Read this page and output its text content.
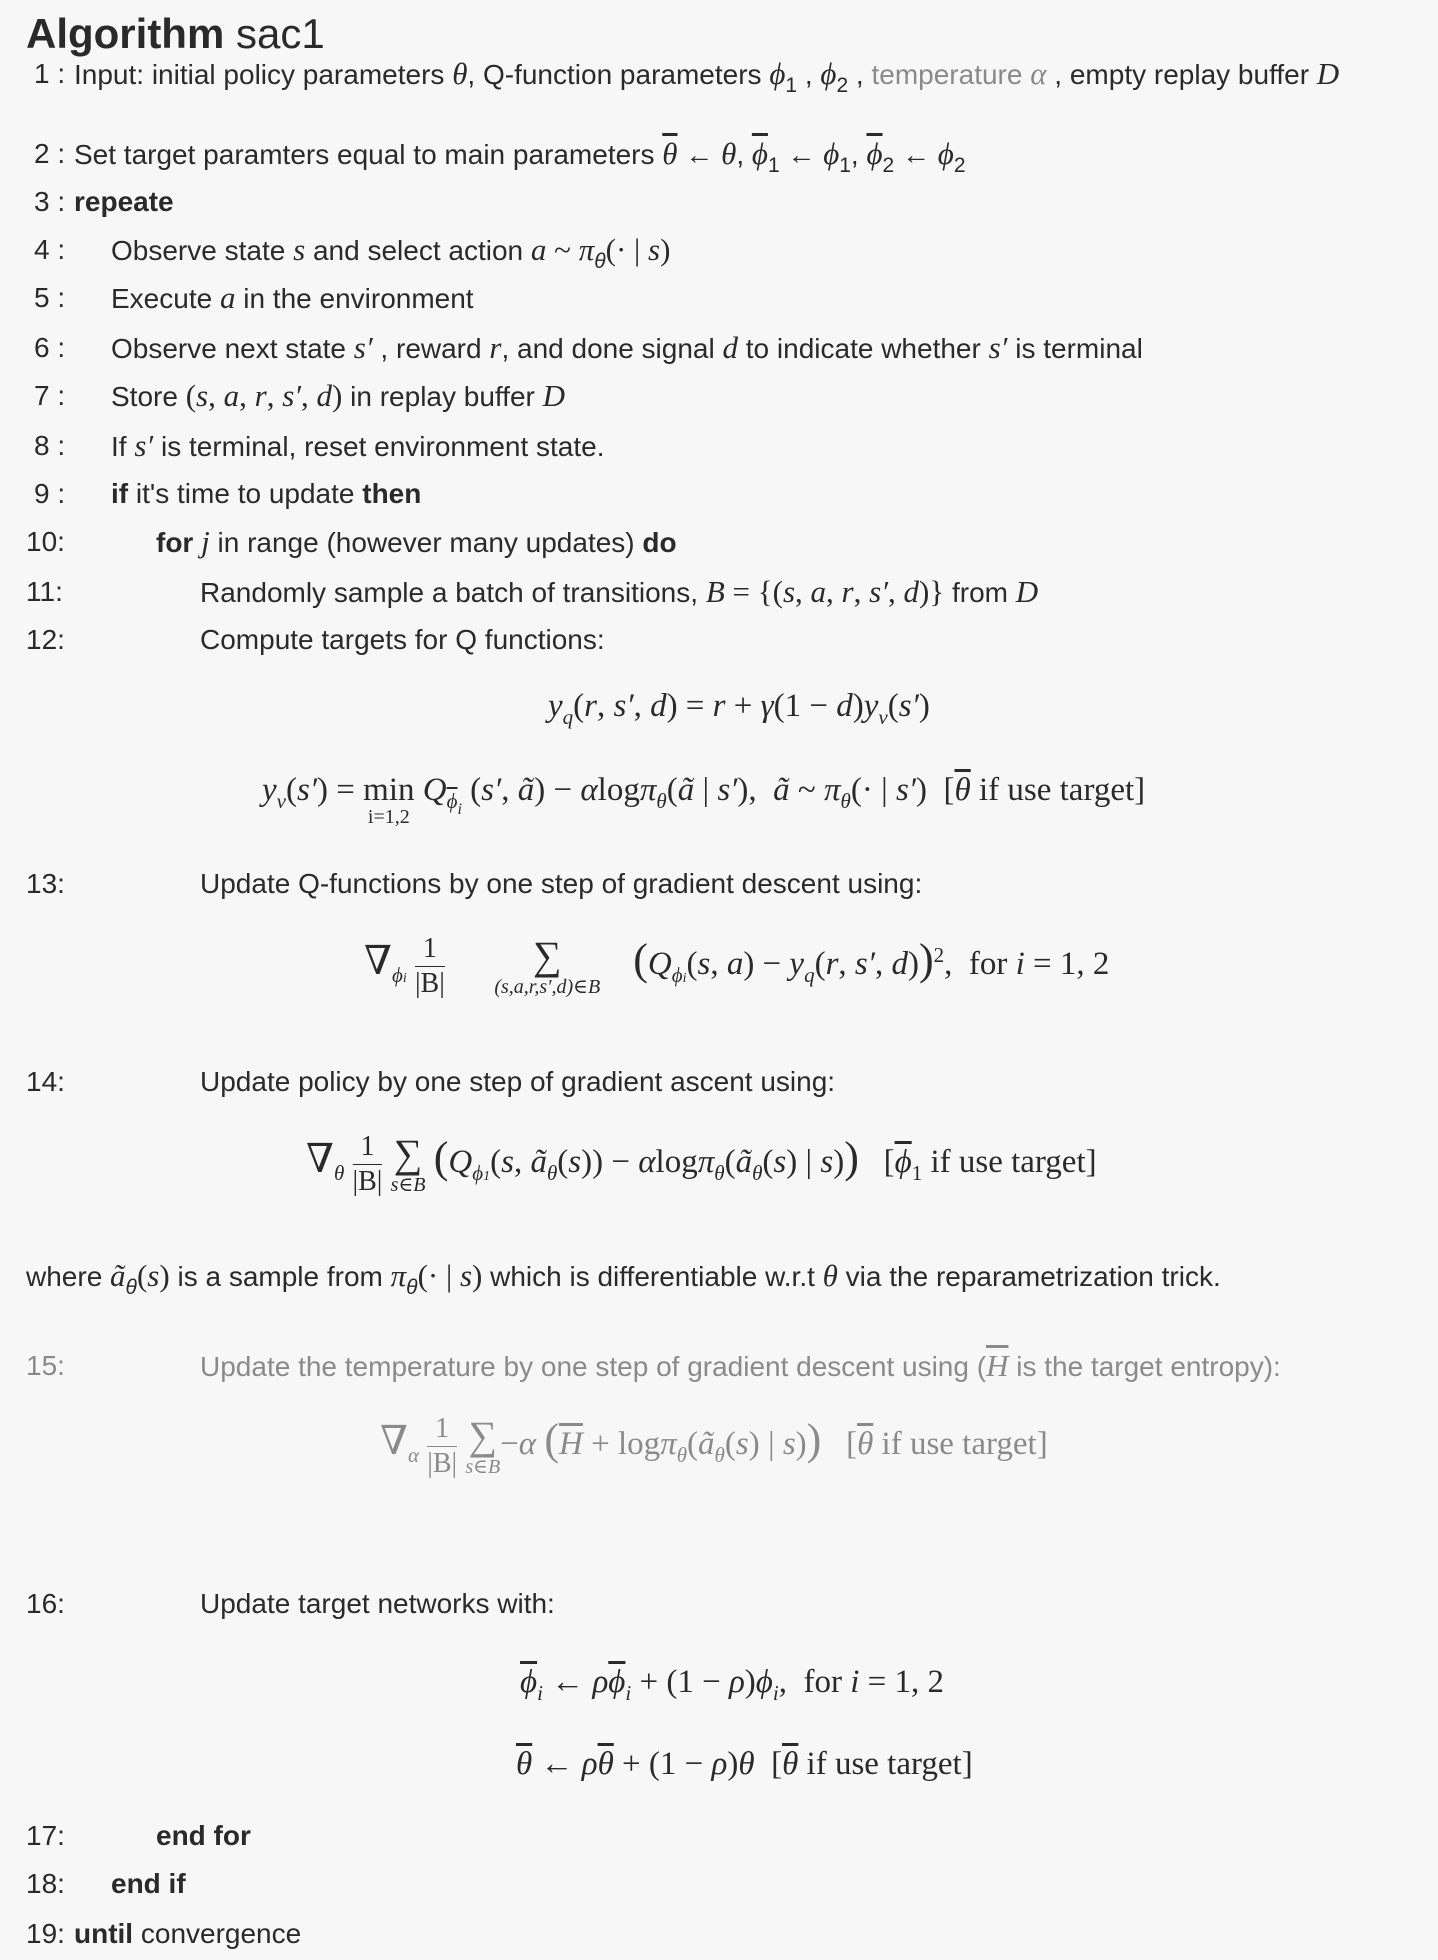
Algorithm sac1
1 : Input: initial policy parameters θ, Q-function parameters $\phi_1$ , $\phi_2$ , temperature α , empty replay buffer D
2 : Set target paramters equal to main parameters $\overline{\theta}$ ← θ, $\overline{\phi}_1$ ← $\phi_1$, $\overline{\phi}_2$ ← $\phi_2$
3 : repeate
4 : Observe state s and select action a ~ $\pi_\theta(\cdot$ | s)
5 : Execute a in the environment
6 : Observe next state s′ , reward r, and done signal d to indicate whether s′ is terminal
7 : Store (s, a, r, s′, d) in replay buffer D
8 : If s′ is terminal, reset environment state.
9 : if it's time to update then
10:	for j in range (however many updates) do
11:	Randomly sample a batch of transitions, B = {(s, a, r, s′, d)} from D
12:	Compute targets for Q functions:
$y_q(r$, s′, $d) = r + \gamma(1 - d)y_v(s')$
$y_v(s') = \min$
i=1,2
$Q_{\overline{\phi}i}$ (s′, ã) − αlogπ$_\theta$(ã | s′),  ã ~ $\pi_\theta(\cdot$ | s′)  [$\overline{\theta}$ if use target]
13:	Update Q-functions by one step of gradient descent using:
$\nabla_{\phi i} \frac{1}{|B|}$
	∑
(s,a,r,s′,d)∈B
($Q_{\phi i}(s$, $a) - y_q(r$, s′, d))$^2$,  for i = 1, 2
14:	Update policy by one step of gradient ascent using:
$\nabla_\theta \frac{1}{|B|}$
∑
s∈B
($Q_{\phi 1}(s$, $ã_\theta(s)$) − $\alpha\log\pi_\theta(ã_\theta(s)$ | s))   [$\overline{\phi}_1$ if use target]
where $ã_\theta(s)$ is a sample from $\pi_\theta(\cdot$ | s) which is differentiable w.r.t θ via the reparametrization trick.
15:	Update the temperature by one step of gradient descent using ($\overline{H}$ is the target entropy):
$\nabla_\alpha \frac{1}{|B|}$
∑
s∈B
−α ($\overline{H}$ + $\log\pi_\theta(ã_\theta(s)$ | s))   [$\overline{\theta}$ if use target]
16:	Update target networks with:
$\overline{\phi}_i$ ← $\rho\overline{\phi}_i + (1 - \rho)\phi_i$,  for i = 1, 2
$\overline{\theta}$ ← $\rho\overline{\theta} + (1 - \rho)\theta$  [$\overline{\theta}$ if use target]
17:	end for
18: end if
19: until convergence
